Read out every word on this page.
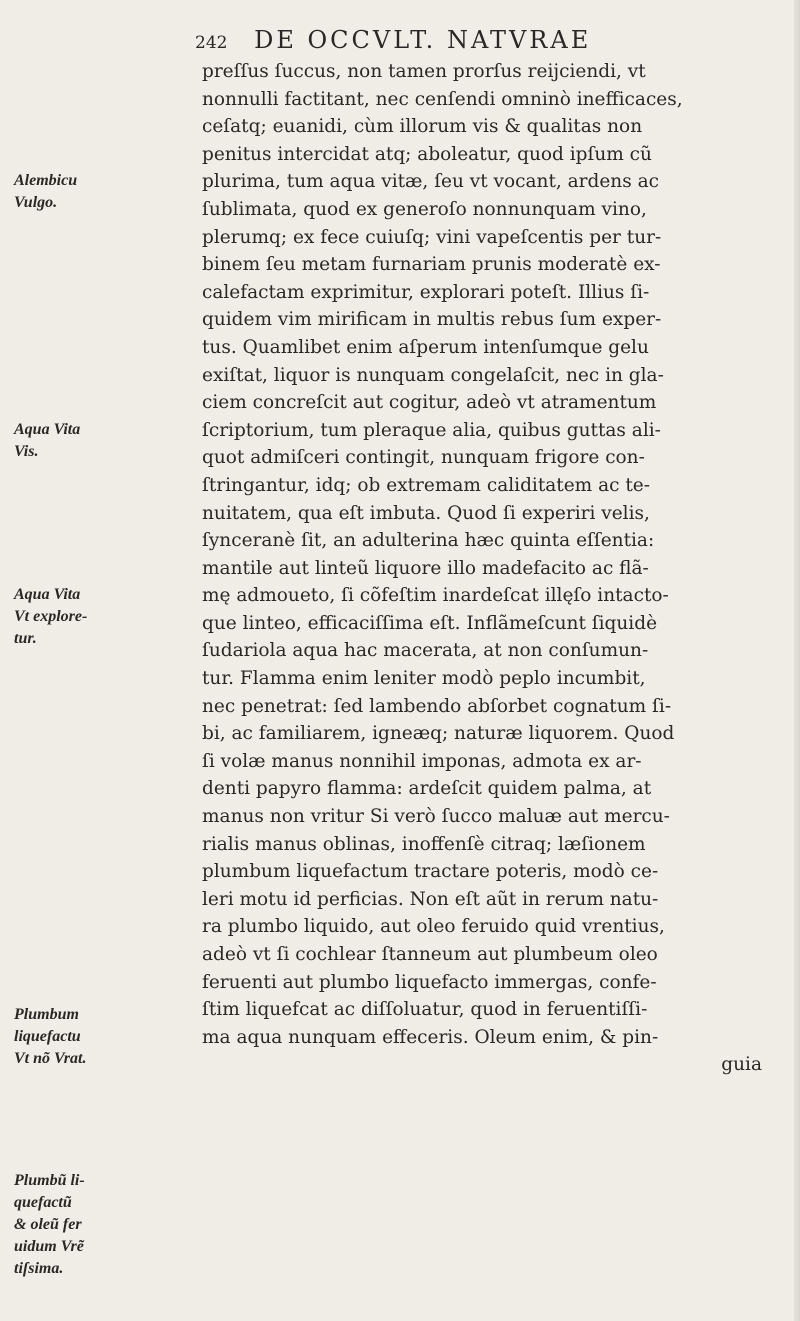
242 DE OCCVLT. NATVRAE
preſſus ſuccus, non tamen prorſus reijciendi, vt
nonnulli factitant, nec cenſendi omninò inefficaces,
ceſatq; euanidi, cùm illorum vis & qualitas non
penitus intercidat atq; aboleatur, quod ipſum cũ
plurima, tum aqua vitæ, ſeu vt vocant, ardens ac
ſublimata, quod ex generoſo nonnunquam vino,
plerumq; ex fece cuiuſq; vini vapeſcentis per tur-
binem ſeu metam furnariam prunis moderatè ex-
calefactam exprimitur, explorari poteſt. Illius ſi-
quidem vim mirificam in multis rebus ſum exper-
tus. Quamlibet enim aſperum intenſumque gelu
exiſtat, liquor is nunquam congelaſcit, nec in gla-
ciem concreſcit aut cogitur, adeò vt atramentum
ſcriptorium, tum pleraque alia, quibus guttas ali-
quot admiſceri contingit, nunquam frigore con-
ſtringantur, idq; ob extremam caliditatem ac te-
nuitatem, qua eſt imbuta. Quod ſi experiri velis,
ſynceranè ſit, an adulterina hæc quinta eſſentia:
mantile aut linteũ liquore illo madefacito ac flã-
mę admoueto, ſi cõfeſtim inardeſcat illęſo intacto-
que linteo, efficaciſſima eſt. Inflãmeſcunt ſiquidè
ſudariola aqua hac macerata, at non conſumun-
tur. Flamma enim leniter modò peplo incumbit,
nec penetrat: ſed lambendo abſorbet cognatum ſi-
bi, ac familiarem, igneæq; naturæ liquorem. Quod
ſi volæ manus nonnihil imponas, admota ex ar-
denti papyro flamma: ardeſcit quidem palma, at
manus non vritur Si verò ſucco maluæ aut mercu-
rialis manus oblinas, inoffenſè citraq; læſionem
plumbum liquefactum tractare poteris, modò ce-
leri motu id perficias. Non eſt aũt in rerum natu-
ra plumbo liquido, aut oleo feruido quid vrentius,
adeò vt ſi cochlear ſtanneum aut plumbeum oleo
feruenti aut plumbo liquefacto immergas, confe-
ſtim liquefcat ac diſſoluatur, quod in feruentiſſi-
ma aqua nunquam effeceris. Oleum enim, & pin-
guia
Alembicu
Vulgo.
Aqua Vita
Vis.
Aqua Vita
Vt explore-
tur.
Plumbum
liquefactu
Vt nõ Vrat.
Plumbũ li-
quefactũ
& oleũ fer
uidum Vrẽ
tiſsima.
